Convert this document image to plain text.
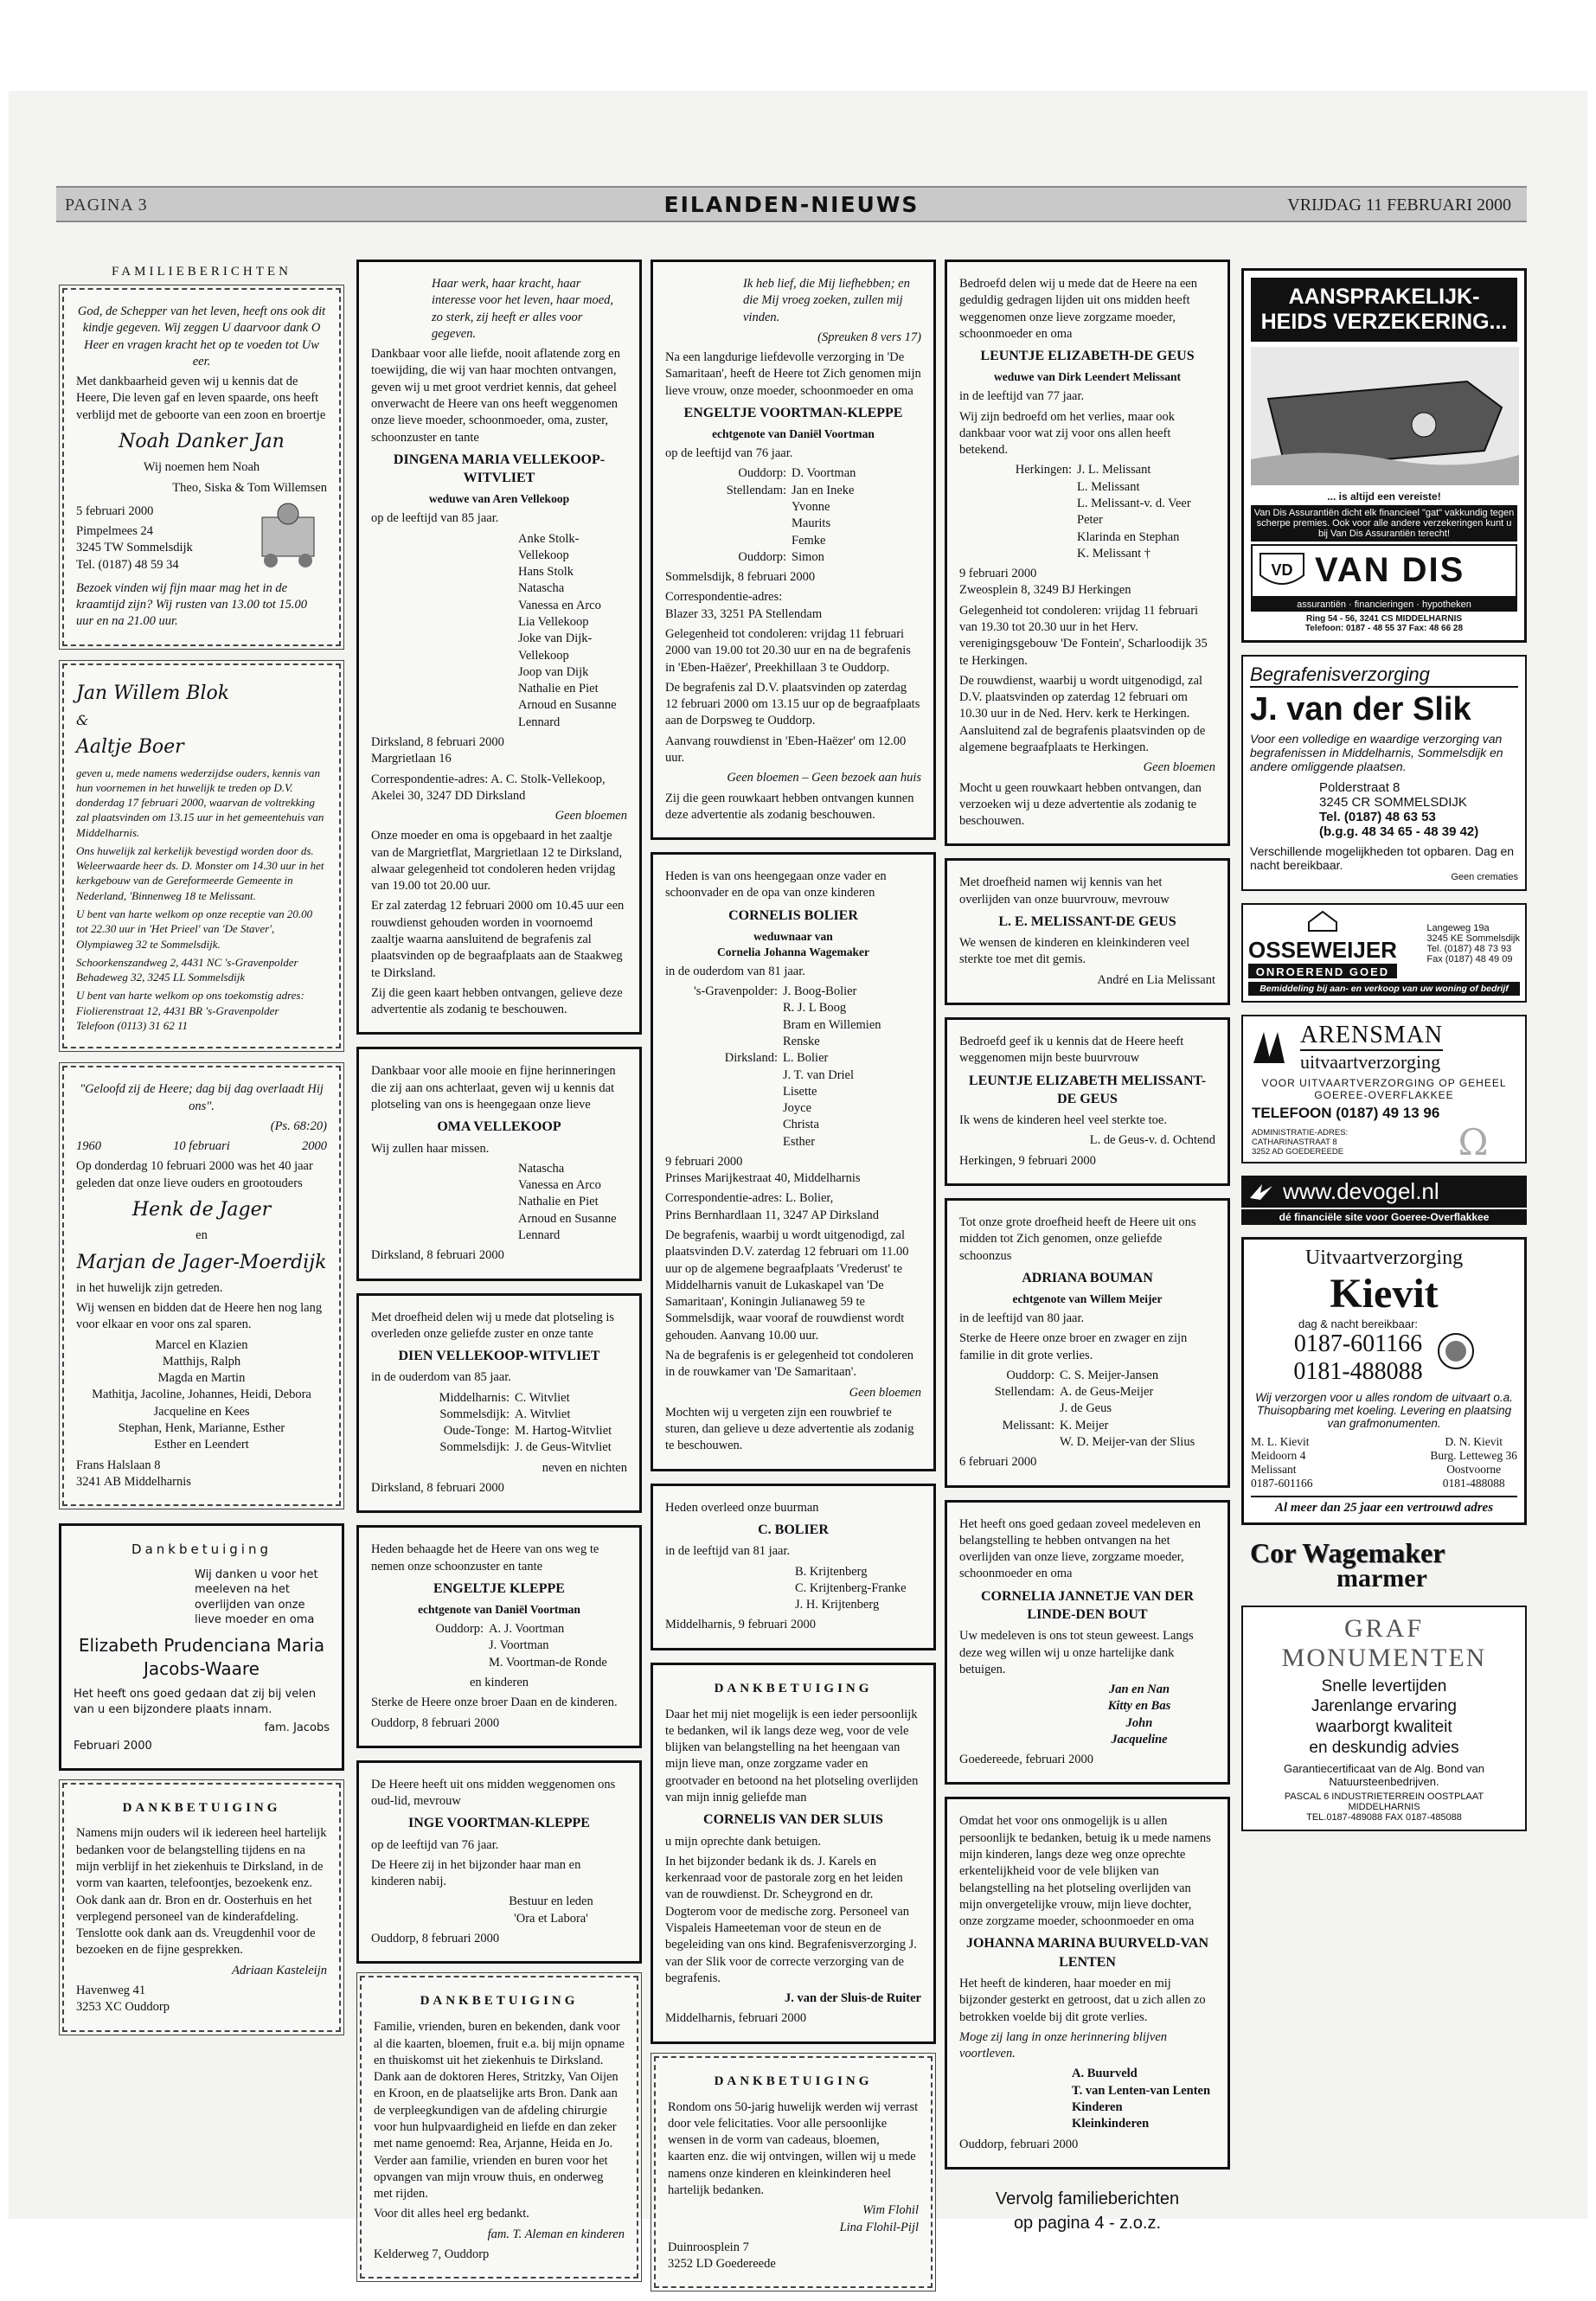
PAGINA 3	EILANDEN-NIEUWS	VRIJDAG 11 FEBRUARI 2000
FAMILIEBERICHTEN

God, de Schepper van het leven, heeft ons ook dit kindje gegeven. Wij zeggen U daarvoor dank O Heer en vragen kracht het op te voeden tot Uw eer.

Met dankbaarheid geven wij u kennis dat de Heere, Die leven gaf en leven spaarde, ons heeft verblijd met de geboorte van een zoon en broertje

Noah Danker Jan

Wij noemen hem Noah

Theo, Siska & Tom Willemsen

5 februari 2000

Pimpelmees 24
3245 TW Sommelsdijk
Tel. (0187) 48 59 34

Bezoek vinden wij fijn maar mag het in de kraamtijd zijn? Wij rusten van 13.00 tot 15.00 uur en na 21.00 uur.

Jan Willem Blok
&
Aaltje Boer

geven u, mede namens wederzijdse ouders, kennis van hun voornemen in het huwelijk te treden op D.V. donderdag 17 februari 2000, waarvan de voltrekking zal plaatsvinden om 13.15 uur in het gemeentehuis van Middelharnis.

Ons huwelijk zal kerkelijk bevestigd worden door ds. Weleerwaarde heer ds. D. Monster om 14.30 uur in het kerkgebouw van de Gereformeerde Gemeente in Nederland, 'Binnenweg 18 te Melissant.

U bent van harte welkom op onze receptie van 20.00 tot 22.30 uur in 'Het Prieel' van 'De Staver', Olympiaweg 32 te Sommelsdijk.

Schoorkenszandweg 2, 4431 NC 's-Gravenpolder
Behadeweg 32, 3245 LL Sommelsdijk

U bent van harte welkom op ons toekomstig adres: Fiolierenstraat 12, 4431 BR 's-Gravenpolder
Telefoon (0113) 31 62 11

"Geloofd zij de Heere; dag bij dag overlaadt Hij ons".

(Ps. 68:20)

1960	10 februari	2000

Op donderdag 10 februari 2000 was het 40 jaar geleden dat onze lieve ouders en grootouders

Henk de Jager

en

Marjan de Jager-Moerdijk

in het huwelijk zijn getreden.

Wij wensen en bidden dat de Heere hen nog lang voor elkaar en voor ons zal sparen.

Marcel en Klazien
Matthijs, Ralph
Magda en Martin
Mathitja, Jacoline, Johannes, Heidi, Debora
Jacqueline en Kees
Stephan, Henk, Marianne, Esther
Esther en Leendert

Frans Halslaan 8
3241 AB Middelharnis

Dankbetuiging

Wij danken u voor het meeleven na het overlijden van onze lieve moeder en oma

Elizabeth Prudenciana Maria Jacobs-Waare

Het heeft ons goed gedaan dat zij bij velen van u een bijzondere plaats innam.

fam. Jacobs

Februari 2000

DANKBETUIGING

Namens mijn ouders wil ik iedereen heel hartelijk bedanken voor de belangstelling tijdens en na mijn verblijf in het ziekenhuis te Dirksland, in de vorm van kaarten, telefoontjes, bezoekenk enz. Ook dank aan dr. Bron en dr. Oosterhuis en het verplegend personeel van de kinderafdeling. Tenslotte ook dank aan ds. Vreugdenhil voor de bezoeken en de fijne gesprekken.

Adriaan Kasteleijn

Havenweg 41
3253 XC Ouddorp

Haar werk, haar kracht, haar interesse voor het leven, haar moed, zo sterk, zij heeft er alles voor gegeven.

Dankbaar voor alle liefde, nooit aflatende zorg en toewijding, die wij van haar mochten ontvangen, geven wij u met groot verdriet kennis, dat geheel onverwacht de Heere van ons heeft weggenomen onze lieve moeder, schoonmoeder, oma, zuster, schoonzuster en tante

DINGENA MARIA VELLEKOOP-WITVLIET
weduwe van Aren Vellekoop

op de leeftijd van 85 jaar.

Anke Stolk-Vellekoop
Hans Stolk
Natascha
Vanessa en Arco
Lia Vellekoop
Joke van Dijk-Vellekoop
Joop van Dijk
Nathalie en Piet
Arnoud en Susanne
Lennard

Dirksland, 8 februari 2000
Margrietlaan 16

Correspondentie-adres: A. C. Stolk-Vellekoop, Akelei 30, 3247 DD Dirksland

Geen bloemen

Onze moeder en oma is opgebaard in het zaaltje van de Margrietflat, Margrietlaan 12 te Dirksland, alwaar gelegenheid tot condoleren heden vrijdag van 19.00 tot 20.00 uur.

Er zal zaterdag 12 februari 2000 om 10.45 uur een rouwdienst gehouden worden in voornoemd zaaltje waarna aansluitend de begrafenis zal plaatsvinden op de begraafplaats aan de Staakweg te Dirksland.

Zij die geen kaart hebben ontvangen, gelieve deze advertentie als zodanig te beschouwen.

Dankbaar voor alle mooie en fijne herinneringen die zij aan ons achterlaat, geven wij u kennis dat plotseling van ons is heengegaan onze lieve

OMA VELLEKOOP

Wij zullen haar missen.

Natascha
Vanessa en Arco
Nathalie en Piet
Arnoud en Susanne
Lennard

Dirksland, 8 februari 2000

Met droefheid delen wij u mede dat plotseling is overleden onze geliefde zuster en onze tante

DIEN VELLEKOOP-WITVLIET

in de ouderdom van 85 jaar.

Middelharnis: C. Witvliet
Sommelsdijk: A. Witvliet
Oude-Tonge: M. Hartog-Witvliet
Sommelsdijk: J. de Geus-Witvliet

neven en nichten

Dirksland, 8 februari 2000

Heden behaagde het de Heere van ons weg te nemen onze schoonzuster en tante

ENGELTJE KLEPPE
echtgenote van Daniël Voortman
Ouddorp: A. J. Voortman
J. Voortman
M. Voortman-de Ronde

en kinderen

Sterke de Heere onze broer Daan en de kinderen.

Ouddorp, 8 februari 2000

De Heere heeft uit ons midden weggenomen ons oud-lid, mevrouw

INGE VOORTMAN-KLEPPE

op de leeftijd van 76 jaar.

De Heere zij in het bijzonder haar man en kinderen nabij.

Bestuur en leden
'Ora et Labora'

Ouddorp, 8 februari 2000

DANKBETUIGING

Familie, vrienden, buren en bekenden, dank voor al die kaarten, bloemen, fruit e.a. bij mijn opname en thuiskomst uit het ziekenhuis te Dirksland. Dank aan de doktoren Heres, Stritzky, Van Oijen en Kroon, en de plaatselijke arts Bron. Dank aan de verpleegkundigen van de afdeling chirurgie voor hun hulpvaardigheid en liefde en dan zeker met name genoemd: Rea, Arjanne, Heida en Jo. Verder aan familie, vrienden en buren voor het opvangen van mijn vrouw thuis, en onderweg met rijden.

Voor dit alles heel erg bedankt.

fam. T. Aleman en kinderen

Kelderweg 7, Ouddorp

Ik heb lief, die Mij liefhebben; en die Mij vroeg zoeken, zullen mij vinden.

(Spreuken 8 vers 17)

Na een langdurige liefdevolle verzorging in 'De Samaritaan', heeft de Heere tot Zich genomen mijn lieve vrouw, onze moeder, schoonmoeder en oma

ENGELTJE VOORTMAN-KLEPPE
echtgenote van Daniël Voortman

op de leeftijd van 76 jaar.

Ouddorp: D. Voortman
Stellendam: Jan en Ineke
Yvonne
Maurits
Femke
Ouddorp: Simon

Sommelsdijk, 8 februari 2000

Correspondentie-adres:
Blazer 33, 3251 PA Stellendam

Gelegenheid tot condoleren: vrijdag 11 februari 2000 van 19.00 tot 20.30 uur en na de begrafenis in 'Eben-Haëzer', Preekhillaan 3 te Ouddorp.

De begrafenis zal D.V. plaatsvinden op zaterdag 12 februari 2000 om 13.15 uur op de begraafplaats aan de Dorpsweg te Ouddorp.

Aanvang rouwdienst in 'Eben-Haëzer' om 12.00 uur.

Geen bloemen – Geen bezoek aan huis

Zij die geen rouwkaart hebben ontvangen kunnen deze advertentie als zodanig beschouwen.

Heden is van ons heengegaan onze vader en schoonvader en de opa van onze kinderen

CORNELIS BOLIER
weduwnaar van
Cornelia Johanna Wagemaker

in de ouderdom van 81 jaar.

's-Gravenpolder: J. Boog-Bolier
R. J. L Boog
Bram en Willemien
Renske
Dirksland: L. Bolier
J. T. van Driel
Lisette
Joyce
Christa
Esther

9 februari 2000
Prinses Marijkestraat 40, Middelharnis

Correspondentie-adres: L. Bolier,
Prins Bernhardlaan 11, 3247 AP Dirksland

De begrafenis, waarbij u wordt uitgenodigd, zal plaatsvinden D.V. zaterdag 12 februari om 11.00 uur op de algemene begraafplaats 'Vrederust' te Middelharnis vanuit de Lukaskapel van 'De Samaritaan', Koningin Julianaweg 59 te Sommelsdijk, waar vooraf de rouwdienst wordt gehouden. Aanvang 10.00 uur.

Na de begrafenis is er gelegenheid tot condoleren in de rouwkamer van 'De Samaritaan'.

Geen bloemen

Mochten wij u vergeten zijn een rouwbrief te sturen, dan gelieve u deze advertentie als zodanig te beschouwen.

Heden overleed onze buurman

C. BOLIER

in de leeftijd van 81 jaar.

B. Krijtenberg
C. Krijtenberg-Franke
J. H. Krijtenberg

Middelharnis, 9 februari 2000

DANKBETUIGING

Daar het mij niet mogelijk is een ieder persoonlijk te bedanken, wil ik langs deze weg, voor de vele blijken van belangstelling na het heengaan van mijn lieve man, onze zorgzame vader en grootvader en betoond na het plotseling overlijden van mijn innig geliefde man

CORNELIS VAN DER SLUIS

u mijn oprechte dank betuigen.

In het bijzonder bedank ik ds. J. Karels en kerkenraad voor de pastorale zorg en het leiden van de rouwdienst. Dr. Scheygrond en dr. Dogterom voor de medische zorg. Personeel van Vispaleis Hameeteman voor de steun en de begeleiding van ons kind. Begrafenisverzorging J. van der Slik voor de correcte verzorging van de begrafenis.

J. van der Sluis-de Ruiter

Middelharnis, februari 2000

DANKBETUIGING

Rondom ons 50-jarig huwelijk werden wij verrast door vele felicitaties. Voor alle persoonlijke wensen in de vorm van cadeaus, bloemen, kaarten enz. die wij ontvingen, willen wij u mede namens onze kinderen en kleinkinderen heel hartelijk bedanken.

Wim Flohil
Lina Flohil-Pijl

Duinroosplein 7
3252 LD Goedereede

Bedroefd delen wij u mede dat de Heere na een geduldig gedragen lijden uit ons midden heeft weggenomen onze lieve zorgzame moeder, schoonmoeder en oma

LEUNTJE ELIZABETH-DE GEUS
weduwe van Dirk Leendert Melissant

in de leeftijd van 77 jaar.

Wij zijn bedroefd om het verlies, maar ook dankbaar voor wat zij voor ons allen heeft betekend.

Herkingen: J. L. Melissant
L. Melissant
L. Melissant-v. d. Veer
Peter
Klarinda en Stephan
K. Melissant †

9 februari 2000
Zweosplein 8, 3249 BJ Herkingen

Gelegenheid tot condoleren: vrijdag 11 februari van 19.30 tot 20.30 uur in het Herv. verenigingsgebouw 'De Fontein', Scharloodijk 35 te Herkingen.

De rouwdienst, waarbij u wordt uitgenodigd, zal D.V. plaatsvinden op zaterdag 12 februari om 10.30 uur in de Ned. Herv. kerk te Herkingen. Aansluitend zal de begrafenis plaatsvinden op de algemene begraafplaats te Herkingen.

Geen bloemen

Mocht u geen rouwkaart hebben ontvangen, dan verzoeken wij u deze advertentie als zodanig te beschouwen.

Met droefheid namen wij kennis van het overlijden van onze buurvrouw, mevrouw

L. E. MELISSANT-DE GEUS

We wensen de kinderen en kleinkinderen veel sterkte toe met dit gemis.

André en Lia Melissant

Bedroefd geef ik u kennis dat de Heere heeft weggenomen mijn beste buurvrouw

LEUNTJE ELIZABETH MELISSANT-DE GEUS

Ik wens de kinderen heel veel sterkte toe.

L. de Geus-v. d. Ochtend

Herkingen, 9 februari 2000

Tot onze grote droefheid heeft de Heere uit ons midden tot Zich genomen, onze geliefde schoonzus

ADRIANA BOUMAN
echtgenote van Willem Meijer

in de leeftijd van 80 jaar.

Sterke de Heere onze broer en zwager en zijn familie in dit grote verlies.

Ouddorp: C. S. Meijer-Jansen
Stellendam: A. de Geus-Meijer
J. de Geus
Melissant: K. Meijer
W. D. Meijer-van der Slius

6 februari 2000

Het heeft ons goed gedaan zoveel medeleven en belangstelling te hebben ontvangen na het overlijden van onze lieve, zorgzame moeder, schoonmoeder en oma

CORNELIA JANNETJE VAN DER LINDE-DEN BOUT

Uw medeleven is ons tot steun geweest. Langs deze weg willen wij u onze hartelijke dank betuigen.

Jan en Nan
Kitty en Bas
John
Jacqueline

Goedereede, februari 2000

Omdat het voor ons onmogelijk is u allen persoonlijk te bedanken, betuig ik u mede namens mijn kinderen, langs deze weg onze oprechte erkentelijkheid voor de vele blijken van belangstelling na het plotseling overlijden van mijn onvergetelijke vrouw, mijn lieve dochter, onze zorgzame moeder, schoonmoeder en oma

JOHANNA MARINA BUURVELD-VAN LENTEN

Het heeft de kinderen, haar moeder en mij bijzonder gesterkt en getroost, dat u zich allen zo betrokken voelde bij dit grote verlies.

Moge zij lang in onze herinnering blijven voortleven.

A. Buurveld
T. van Lenten-van Lenten
Kinderen
Kleinkinderen

Ouddorp, februari 2000

Vervolg familieberichten
op pagina 4 - z.o.z.
AANSPRAKELIJK-HEIDS VERZEKERING...
... is altijd een vereiste!
Van Dis Assurantiën dicht elk financieel "gat" vakkundig tegen scherpe premies. Ook voor alle andere verzekeringen kunt u bij Van Dis Assurantiën terecht!
VD VAN DIS
assurantiën · financieringen · hypotheken
Ring 54 - 56, 3241 CS MIDDELHARNIS
Telefoon: 0187 - 48 55 37 Fax: 48 66 28
Begrafenisverzorging
J. van der Slik
Voor een volledige en waardige verzorging van begrafenissen in Middelharnis, Sommelsdijk en andere omliggende plaatsen.
Polderstraat 8
3245 CR SOMMELSDIJK
Tel. (0187) 48 63 53
(b.g.g. 48 34 65 - 48 39 42)
Verschillende mogelijkheden tot opbaren. Dag en nacht bereikbaar.
Geen crematies
OSSEWEIJER
ONROEREND GOED
Langeweg 19a
3245 KE Sommelsdijk
Tel. (0187) 48 73 93
Fax (0187) 48 49 09
Bemiddeling bij aan- en verkoop van uw woning of bedrijf
ARENSMAN
uitvaartverzorging
VOOR UITVAARTVERZORGING OP GEHEEL GOEREE-OVERFLAKKEE
TELEFOON (0187) 49 13 96
ADMINISTRATIE-ADRES:
CATHARINASTRAAT 8
3252 AD GOEDEREEDE	Ω
www.devogel.nl
dé financiële site voor Goeree-Overflakkee
Uitvaartverzorging
Kievit
dag & nacht bereikbaar:
0187-601166
0181-488088
Wij verzorgen voor u alles rondom de uitvaart o.a. Thuisopbaring met koeling. Levering en plaatsing van grafmonumenten.
M. L. Kievit
Meidoorn 4
Melissant
0187-601166
D. N. Kievit
Burg. Letteweg 36
Oostvoorne
0181-488088
Al meer dan 25 jaar een vertrouwd adres
Cor Wagemaker
marmer
GRAF
MONUMENTEN
Snelle levertijden
Jarenlange ervaring
waarborgt kwaliteit
en deskundig advies
Garantiecertificaat van de Alg. Bond van Natuursteenbedrijven.
PASCAL 6 INDUSTRIETERREIN OOSTPLAAT MIDDELHARNIS
TEL.0187-489088 FAX 0187-485088
